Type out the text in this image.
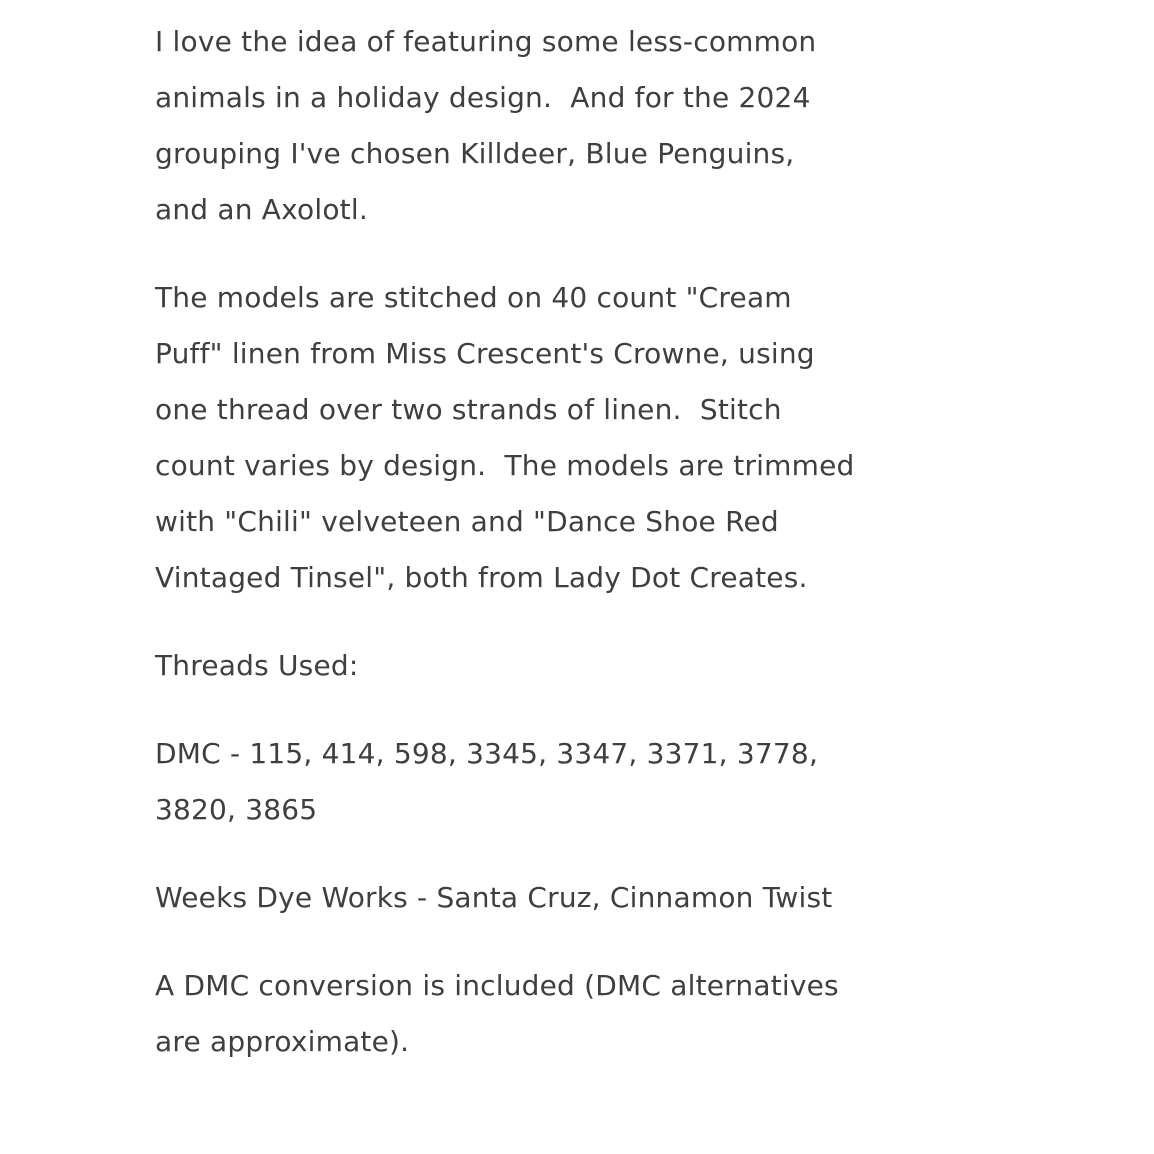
I love the idea of featuring some less-common animals in a holiday design.  And for the 2024 grouping I've chosen Killdeer, Blue Penguins, and an Axolotl.

The models are stitched on 40 count "Cream Puff" linen from Miss Crescent's Crowne, using one thread over two strands of linen.  Stitch count varies by design.  The models are trimmed with "Chili" velveteen and "Dance Shoe Red Vintaged Tinsel", both from Lady Dot Creates.

Threads Used:

DMC - 115, 414, 598, 3345, 3347, 3371, 3778, 3820, 3865

Weeks Dye Works - Santa Cruz, Cinnamon Twist

A DMC conversion is included (DMC alternatives are approximate).
